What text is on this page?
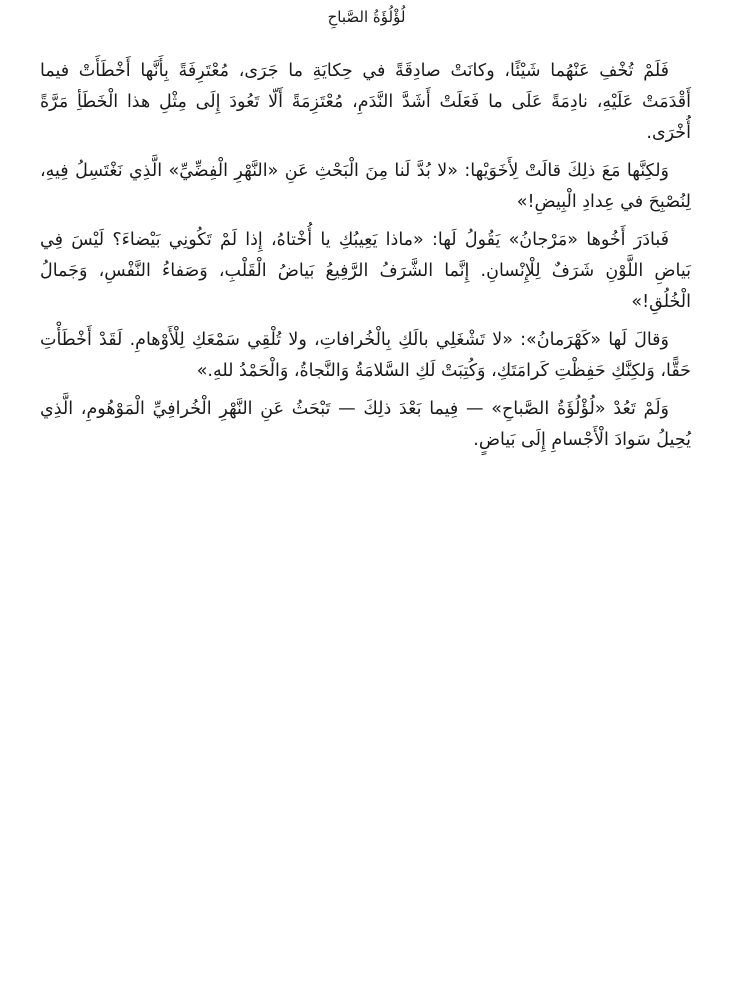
لُؤْلُؤَةُ الصَّباحِ

فَلَمْ تُخْفِ عَنْهُما شَيْئًا، وكانَتْ صادِقَةً في حِكايَةِ ما جَرَى، مُعْتَرِفَةً بِأَنَّها أَخْطَأَتْ فيما أَقْدَمَتْ عَلَيْهِ، نادِمَةً عَلَى ما فَعَلَتْ أَشَدَّ النَّدَمِ، مُعْتَزِمَةً أَلّا تَعُودَ إِلَى مِثْلِ هذا الْخَطَأِ مَرَّةً أُخْرَى.

وَلكِنَّها مَعَ ذلِكَ قالَتْ لِأَخَوَيْها: «لا بُدَّ لَنا مِنَ الْبَحْثِ عَنِ «النَّهْرِ الْفِضِّيِّ» الَّذِي نَغْتَسِلُ فِيهِ، لِنُصْبِحَ في عِدادِ الْبِيضِ!»

فَبادَرَ أَخُوها «مَرْجانُ» يَقُولُ لَها: «ماذا يَعِيبُكِ يا أُخْتاهُ، إِذا لَمْ تَكُونِي بَيْضاءَ؟ لَيْسَ فِي بَياضِ اللَّوْنِ شَرَفٌ لِلْإِنْسانِ. إِنَّما الشَّرَفُ الرَّفِيعُ بَياضُ الْقَلْبِ، وَصَفاءُ النَّفْسِ، وَجَمالُ الْخُلُقِ!»

وَقالَ لَها «كَهْرَمانُ»: «لا تَشْغَلِي بالَكِ بِالْخُرافاتِ، ولا تُلْقِي سَمْعَكِ لِلْأَوْهامِ. لَقَدْ أَخْطَأْتِ حَقًّا، وَلكِنَّكِ حَفِظْتِ كَرامَتَكِ، وَكُتِبَتْ لَكِ السَّلامَةُ وَالنَّجاةُ، وَالْحَمْدُ للهِ.»

وَلَمْ تَعُدْ «لُؤْلُؤَةُ الصَّباحِ» — فِيما بَعْدَ ذلِكَ — تَبْحَثُ عَنِ النَّهْرِ الْخُرافِيِّ الْمَوْهُومِ، الَّذِي يُحِيلُ سَوادَ الْأَجْسامِ إِلَى بَياضٍ.
